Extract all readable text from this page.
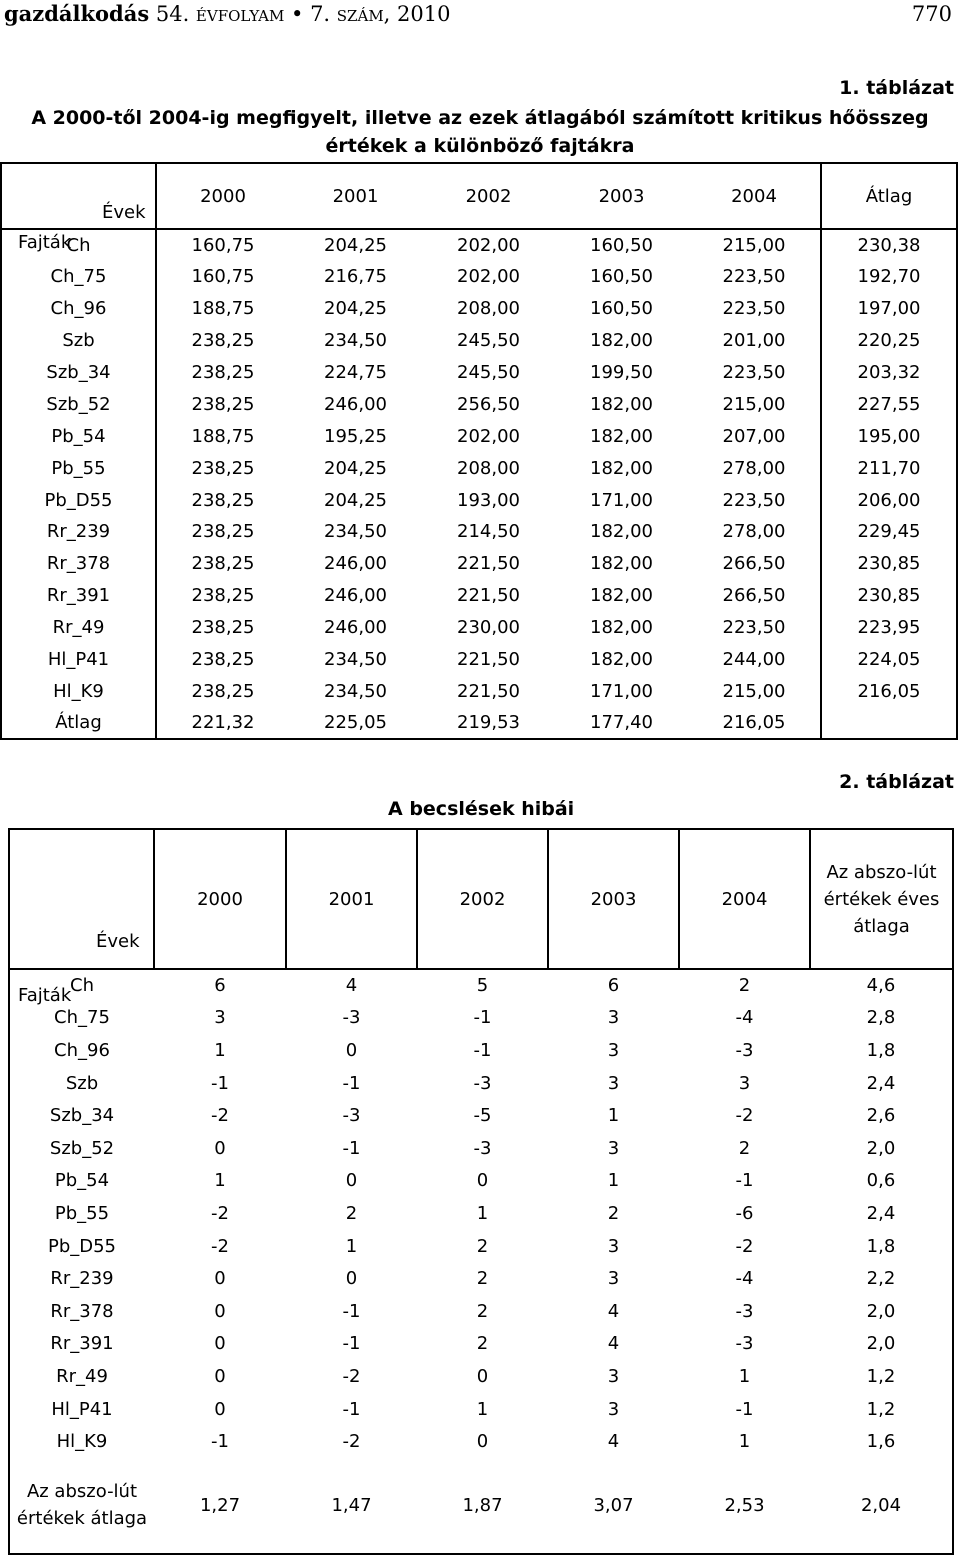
gazdálkodás 54. évfolyam • 7. szám, 2010	770
1. táblázat
A 2000-től 2004-ig megfigyelt, illetve az ezek átlagából számított kritikus hőösszeg értékek a különböző fajtákra
Évek
Fajták	2000	2001	2002	2003	2004	Átlag
Ch	160,75	204,25	202,00	160,50	215,00	230,38
Ch_75	160,75	216,75	202,00	160,50	223,50	192,70
Ch_96	188,75	204,25	208,00	160,50	223,50	197,00
Szb	238,25	234,50	245,50	182,00	201,00	220,25
Szb_34	238,25	224,75	245,50	199,50	223,50	203,32
Szb_52	238,25	246,00	256,50	182,00	215,00	227,55
Pb_54	188,75	195,25	202,00	182,00	207,00	195,00
Pb_55	238,25	204,25	208,00	182,00	278,00	211,70
Pb_D55	238,25	204,25	193,00	171,00	223,50	206,00
Rr_239	238,25	234,50	214,50	182,00	278,00	229,45
Rr_378	238,25	246,00	221,50	182,00	266,50	230,85
Rr_391	238,25	246,00	221,50	182,00	266,50	230,85
Rr_49	238,25	246,00	230,00	182,00	223,50	223,95
Hl_P41	238,25	234,50	221,50	182,00	244,00	224,05
Hl_K9	238,25	234,50	221,50	171,00	215,00	216,05
Átlag	221,32	225,05	219,53	177,40	216,05	
2. táblázat
A becslések hibái
Évek
Fajták	2000	2001	2002	2003	2004	Az abszo-lút értékek éves átlaga
Ch	6	4	5	6	2	4,6
Ch_75	3	-3	-1	3	-4	2,8
Ch_96	1	0	-1	3	-3	1,8
Szb	-1	-1	-3	3	3	2,4
Szb_34	-2	-3	-5	1	-2	2,6
Szb_52	0	-1	-3	3	2	2,0
Pb_54	1	0	0	1	-1	0,6
Pb_55	-2	2	1	2	-6	2,4
Pb_D55	-2	1	2	3	-2	1,8
Rr_239	0	0	2	3	-4	2,2
Rr_378	0	-1	2	4	-3	2,0
Rr_391	0	-1	2	4	-3	2,0
Rr_49	0	-2	0	3	1	1,2
Hl_P41	0	-1	1	3	-1	1,2
Hl_K9	-1	-2	0	4	1	1,6
Az abszo-lút értékek átlaga	1,27	1,47	1,87	3,07	2,53	2,04
